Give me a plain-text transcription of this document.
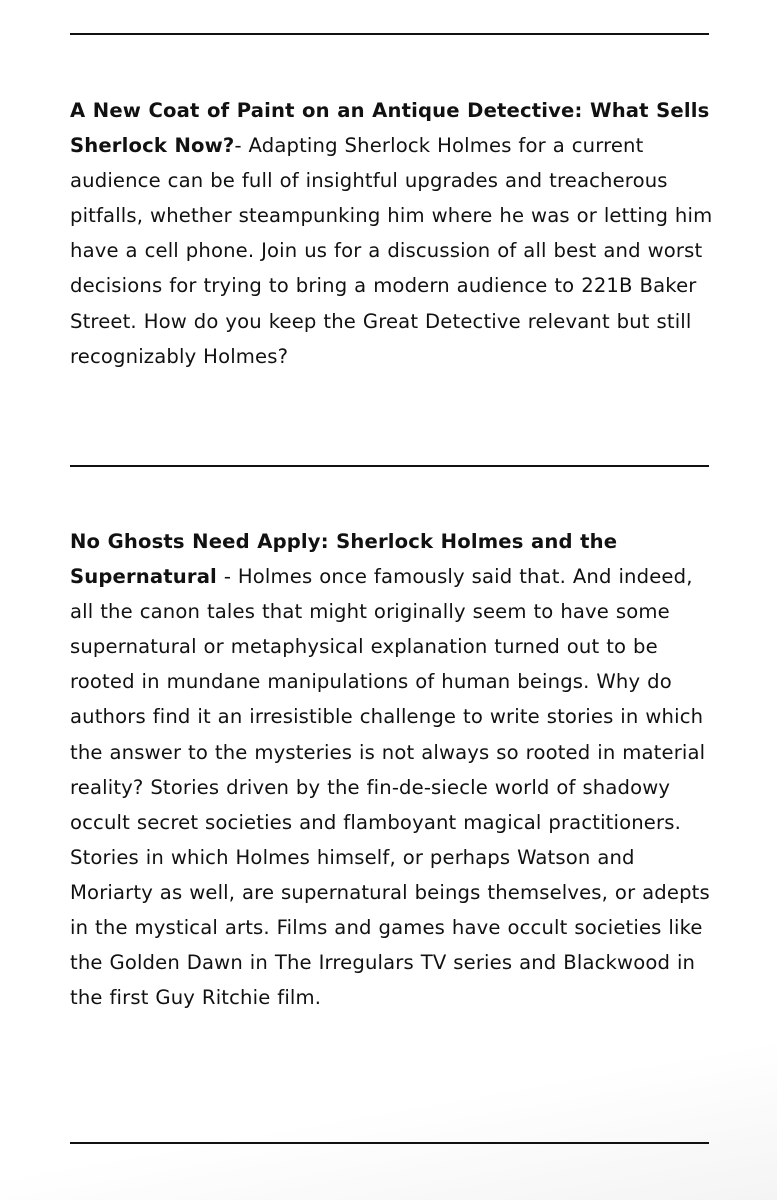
A New Coat of Paint on an Antique Detective: What Sells Sherlock Now?- Adapting Sherlock Holmes for a current audience can be full of insightful upgrades and treacherous pitfalls, whether steampunking him where he was or letting him have a cell phone. Join us for a discussion of all best and worst decisions for trying to bring a modern audience to 221B Baker Street. How do you keep the Great Detective relevant but still recognizably Holmes?

No Ghosts Need Apply: Sherlock Holmes and the Supernatural - Holmes once famously said that. And indeed, all the canon tales that might originally seem to have some supernatural or metaphysical explanation turned out to be rooted in mundane manipulations of human beings. Why do authors find it an irresistible challenge to write stories in which the answer to the mysteries is not always so rooted in material reality? Stories driven by the fin-de-siecle world of shadowy occult secret societies and flamboyant magical practitioners. Stories in which Holmes himself, or perhaps Watson and Moriarty as well, are supernatural beings themselves, or adepts in the mystical arts. Films and games have occult societies like the Golden Dawn in The Irregulars TV series and Blackwood in the first Guy Ritchie film.
